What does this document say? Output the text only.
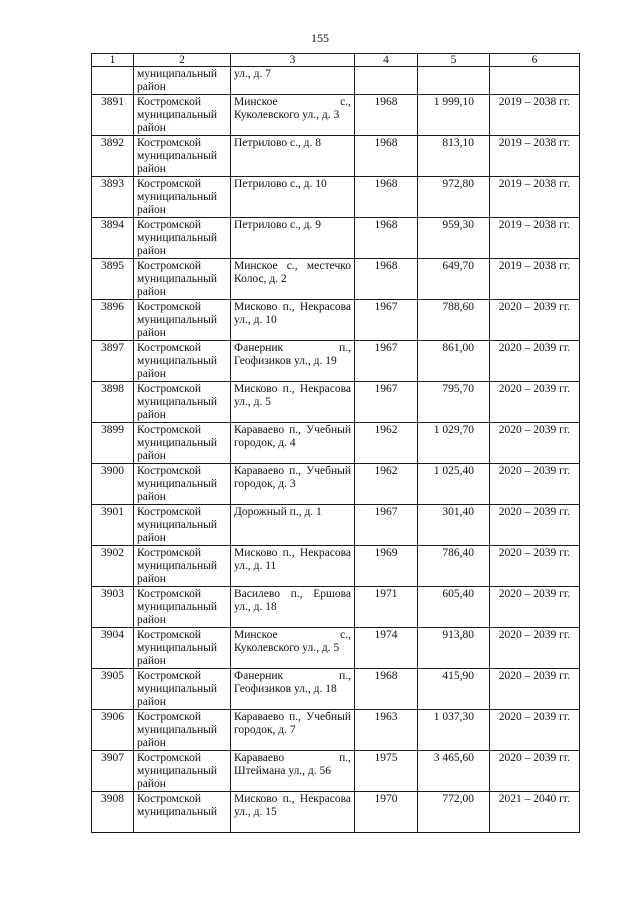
155
1	2	3	4	5	6
	муниципальный район	ул., д. 7			
3891	Костромской муниципальный район	Минское с., Куколевского ул., д. 3	1968	1 999,10	2019 – 2038 гг.
3892	Костромской муниципальный район	Петрилово с., д. 8	1968	813,10	2019 – 2038 гг.
3893	Костромской муниципальный район	Петрилово с., д. 10	1968	972,80	2019 – 2038 гг.
3894	Костромской муниципальный район	Петрилово с., д. 9	1968	959,30	2019 – 2038 гг.
3895	Костромской муниципальный район	Минское с., местечко Колос, д. 2	1968	649,70	2019 – 2038 гг.
3896	Костромской муниципальный район	Мисково п., Некрасова ул., д. 10	1967	788,60	2020 – 2039 гг.
3897	Костромской муниципальный район	Фанерник п., Геофизиков ул., д. 19	1967	861,00	2020 – 2039 гг.
3898	Костромской муниципальный район	Мисково п., Некрасова ул., д. 5	1967	795,70	2020 – 2039 гг.
3899	Костромской муниципальный район	Караваево п., Учебный городок, д. 4	1962	1 029,70	2020 – 2039 гг.
3900	Костромской муниципальный район	Караваево п., Учебный городок, д. 3	1962	1 025,40	2020 – 2039 гг.
3901	Костромской муниципальный район	Дорожный п., д. 1	1967	301,40	2020 – 2039 гг.
3902	Костромской муниципальный район	Мисково п., Некрасова ул., д. 11	1969	786,40	2020 – 2039 гг.
3903	Костромской муниципальный район	Василево п., Ершова ул., д. 18	1971	605,40	2020 – 2039 гг.
3904	Костромской муниципальный район	Минское с., Куколевского ул., д. 5	1974	913,80	2020 – 2039 гг.
3905	Костромской муниципальный район	Фанерник п., Геофизиков ул., д. 18	1968	415,90	2020 – 2039 гг.
3906	Костромской муниципальный район	Караваево п., Учебный городок, д. 7	1963	1 037,30	2020 – 2039 гг.
3907	Костромской муниципальный район	Караваево п., Штеймана ул., д. 56	1975	3 465,60	2020 – 2039 гг.
3908	Костромской муниципальный	Мисково п., Некрасова ул., д. 15	1970	772,00	2021 – 2040 гг.
